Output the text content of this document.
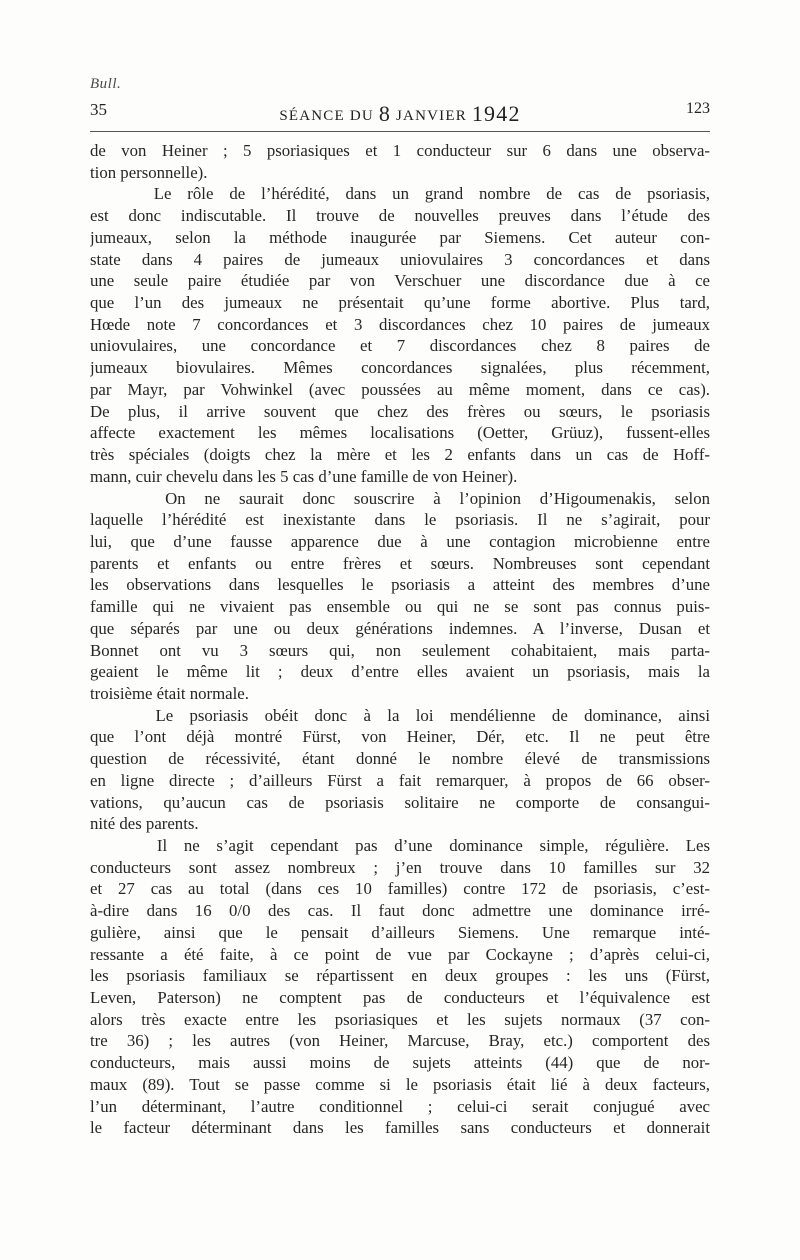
Bull.
35	SÉANCE DU 8 JANVIER 1942	123
de von Heiner ; 5 psoriasiques et 1 conducteur sur 6 dans une observa-
tion personnelle).
Le rôle de l’hérédité, dans un grand nombre de cas de psoriasis,
est donc indiscutable. Il trouve de nouvelles preuves dans l’étude des
jumeaux, selon la méthode inaugurée par Siemens. Cet auteur con-
state dans 4 paires de jumeaux uniovulaires 3 concordances et dans
une seule paire étudiée par von Verschuer une discordance due à ce
que l’un des jumeaux ne présentait qu’une forme abortive. Plus tard,
Hœde note 7 concordances et 3 discordances chez 10 paires de jumeaux
uniovulaires, une concordance et 7 discordances chez 8 paires de
jumeaux biovulaires. Mêmes concordances signalées, plus récemment,
par Mayr, par Vohwinkel (avec poussées au même moment, dans ce cas).
De plus, il arrive souvent que chez des frères ou sœurs, le psoriasis
affecte exactement les mêmes localisations (Oetter, Grüuz), fussent-elles
très spéciales (doigts chez la mère et les 2 enfants dans un cas de Hoff-
mann, cuir chevelu dans les 5 cas d’une famille de von Heiner).
On ne saurait donc souscrire à l’opinion d’Higoumenakis, selon
laquelle l’hérédité est inexistante dans le psoriasis. Il ne s’agirait, pour
lui, que d’une fausse apparence due à une contagion microbienne entre
parents et enfants ou entre frères et sœurs. Nombreuses sont cependant
les observations dans lesquelles le psoriasis a atteint des membres d’une
famille qui ne vivaient pas ensemble ou qui ne se sont pas connus puis-
que séparés par une ou deux générations indemnes. A l’inverse, Dusan et
Bonnet ont vu 3 sœurs qui, non seulement cohabitaient, mais parta-
geaient le même lit ; deux d’entre elles avaient un psoriasis, mais la
troisième était normale.
Le psoriasis obéit donc à la loi mendélienne de dominance, ainsi
que l’ont déjà montré Fürst, von Heiner, Dér, etc. Il ne peut être
question de récessivité, étant donné le nombre élevé de transmissions
en ligne directe ; d’ailleurs Fürst a fait remarquer, à propos de 66 obser-
vations, qu’aucun cas de psoriasis solitaire ne comporte de consangui-
nité des parents.
Il ne s’agit cependant pas d’une dominance simple, régulière. Les
conducteurs sont assez nombreux ; j’en trouve dans 10 familles sur 32
et 27 cas au total (dans ces 10 familles) contre 172 de psoriasis, c’est-
à-dire dans 16 0/0 des cas. Il faut donc admettre une dominance irré-
gulière, ainsi que le pensait d’ailleurs Siemens. Une remarque inté-
ressante a été faite, à ce point de vue par Cockayne ; d’après celui-ci,
les psoriasis familiaux se répartissent en deux groupes : les uns (Fürst,
Leven, Paterson) ne comptent pas de conducteurs et l’équivalence est
alors très exacte entre les psoriasiques et les sujets normaux (37 con-
tre 36) ; les autres (von Heiner, Marcuse, Bray, etc.) comportent des
conducteurs, mais aussi moins de sujets atteints (44) que de nor-
maux (89). Tout se passe comme si le psoriasis était lié à deux facteurs,
l’un déterminant, l’autre conditionnel ; celui-ci serait conjugué avec
le facteur déterminant dans les familles sans conducteurs et donnerait
